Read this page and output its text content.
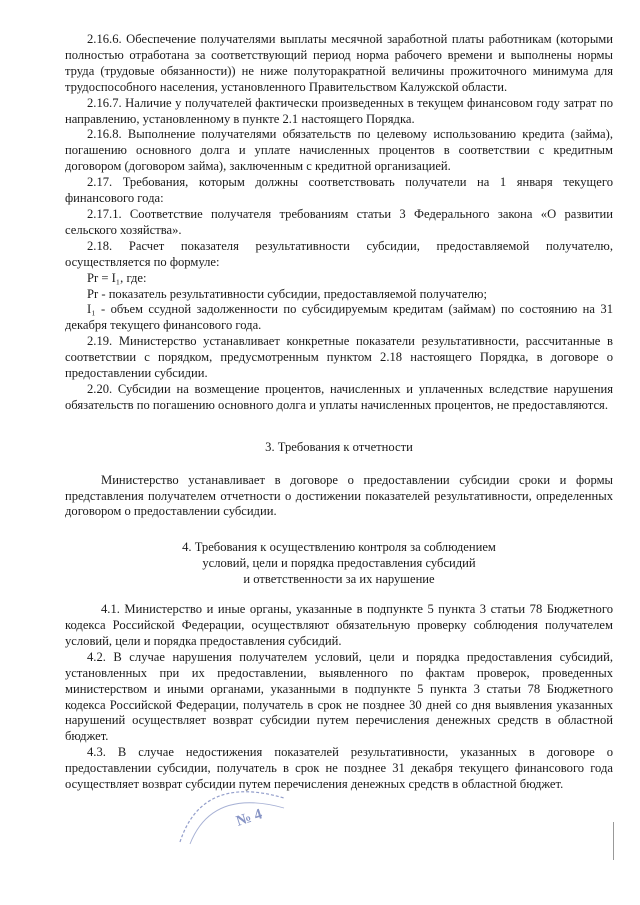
2.16.6. Обеспечение получателями выплаты месячной заработной платы работникам (которыми полностью отработана за соответствующий период норма рабочего времени и выполнены нормы труда (трудовые обязанности)) не ниже полуторакратной величины прожиточного минимума для трудоспособного населения, установленного Правительством Калужской области.

2.16.7. Наличие у получателей фактически произведенных в текущем финансовом году затрат по направлению, установленному в пункте 2.1 настоящего Порядка.

2.16.8. Выполнение получателями обязательств по целевому использованию кредита (займа), погашению основного долга и уплате начисленных процентов в соответствии с кредитным договором (договором займа), заключенным с кредитной организацией.

2.17. Требования, которым должны соответствовать получатели на 1 января текущего финансового года:

2.17.1. Соответствие получателя требованиям статьи 3 Федерального закона «О развитии сельского хозяйства».

2.18. Расчет показателя результативности субсидии, предоставляемой получателю, осуществляется по формуле:

Pr = I₁, где:

Pr - показатель результативности субсидии, предоставляемой получателю;

I₁ - объем ссудной задолженности по субсидируемым кредитам (займам) по состоянию на 31 декабря текущего финансового года.

2.19. Министерство устанавливает конкретные показатели результативности, рассчитанные в соответствии с порядком, предусмотренным пунктом 2.18 настоящего Порядка, в договоре о предоставлении субсидии.

2.20. Субсидии на возмещение процентов, начисленных и уплаченных вследствие нарушения обязательств по погашению основного долга и уплаты начисленных процентов, не предоставляются.

3. Требования к отчетности

Министерство устанавливает в договоре о предоставлении субсидии сроки и формы представления получателем отчетности о достижении показателей результативности, определенных договором о предоставлении субсидии.

4. Требования к осуществлению контроля за соблюдением

условий, цели и порядка предоставления субсидий

и ответственности за их нарушение

4.1. Министерство и иные органы, указанные в подпункте 5 пункта 3 статьи 78 Бюджетного кодекса Российской Федерации, осуществляют обязательную проверку соблюдения получателем условий, цели и порядка предоставления субсидий.

4.2. В случае нарушения получателем условий, цели и порядка предоставления субсидий, установленных при их предоставлении, выявленного по фактам проверок, проведенных министерством и иными органами, указанными в подпункте 5 пункта 3 статьи 78 Бюджетного кодекса Российской Федерации, получатель в срок не позднее 30 дней со дня выявления указанных нарушений осуществляет возврат субсидии путем перечисления денежных средств в областной бюджет.

4.3. В случае недостижения показателей результативности, указанных в договоре о предоставлении субсидии, получатель в срок не позднее 31 декабря текущего финансового года осуществляет возврат субсидии путем перечисления денежных средств в областной бюджет.

№ 4
